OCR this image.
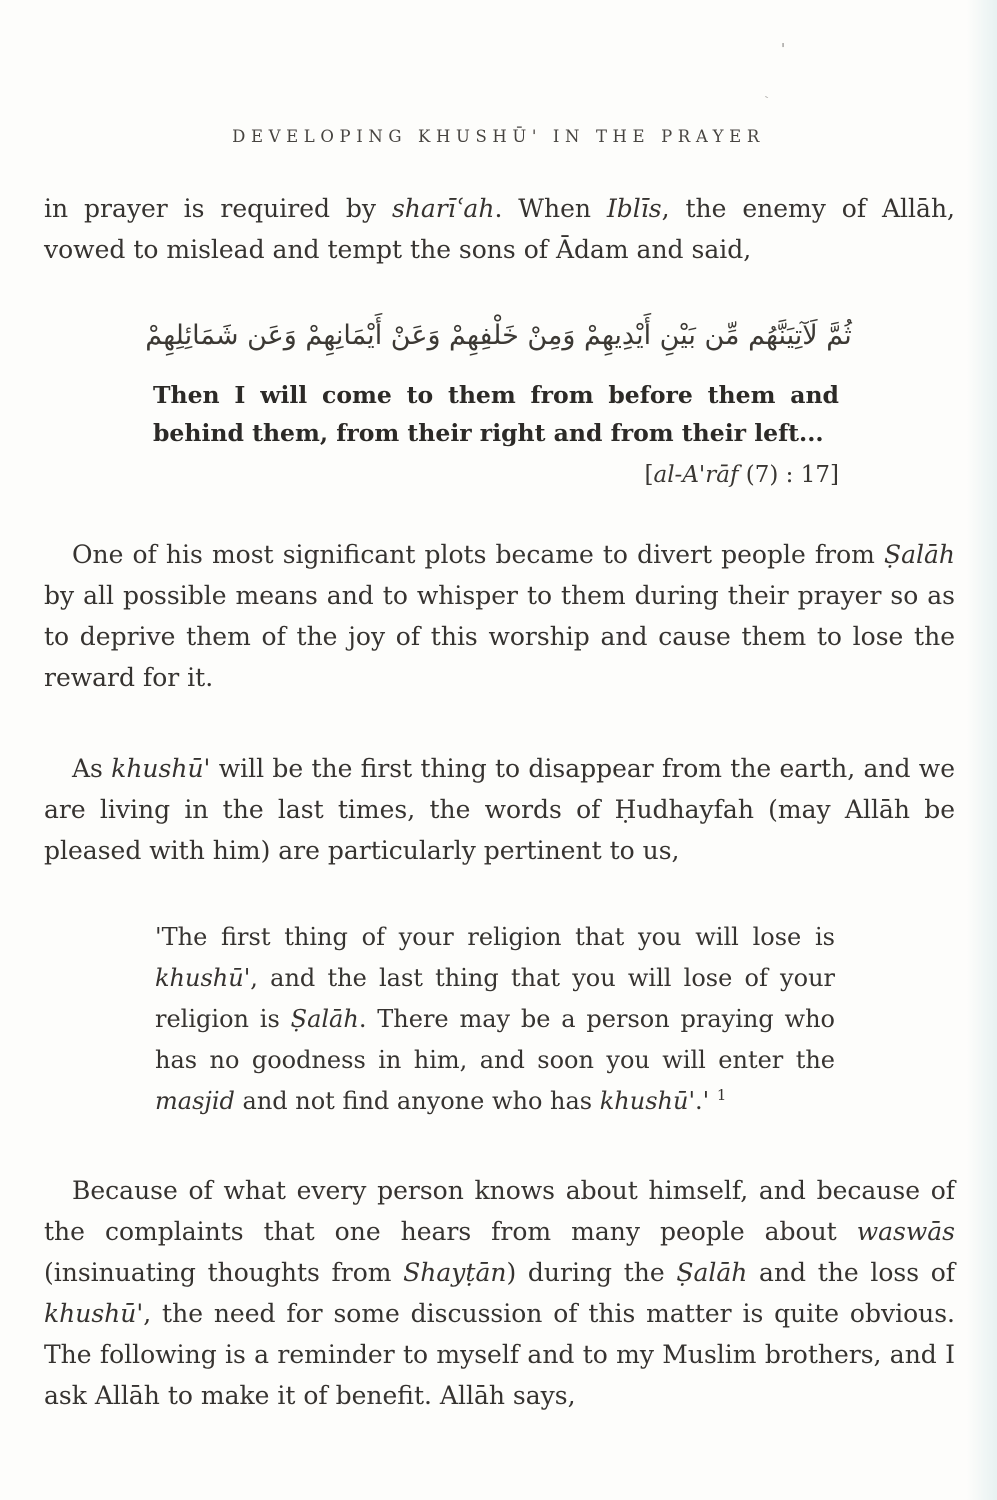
'
`
DEVELOPING KHUSHŪ' IN THE PRAYER

in prayer is required by sharīʿah. When Iblīs, the enemy of Allāh, vowed to mislead and tempt the sons of Ādam and said,

ثُمَّ لَآتِيَنَّهُم مِّن بَيْنِ أَيْدِيهِمْ وَمِنْ خَلْفِهِمْ وَعَنْ أَيْمَانِهِمْ وَعَن شَمَائِلِهِمْ

Then I will come to them from before them and behind them, from their right and from their left...

[al-A'rāf (7) : 17]

One of his most significant plots became to divert people from Ṣalāh by all possible means and to whisper to them during their prayer so as to deprive them of the joy of this worship and cause them to lose the reward for it.

As khushū' will be the first thing to disappear from the earth, and we are living in the last times, the words of Ḥudhayfah (may Allāh be pleased with him) are particularly pertinent to us,

'The first thing of your religion that you will lose is khushū', and the last thing that you will lose of your religion is Ṣalāh. There may be a person praying who has no goodness in him, and soon you will enter the masjid and not find anyone who has khushū'.' $^1$

Because of what every person knows about himself, and because of the complaints that one hears from many people about waswās (insinuating thoughts from Shayṭān) during the Ṣalāh and the loss of khushū', the need for some discussion of this matter is quite obvious. The following is a reminder to myself and to my Muslim brothers, and I ask Allāh to make it of benefit. Allāh says,
